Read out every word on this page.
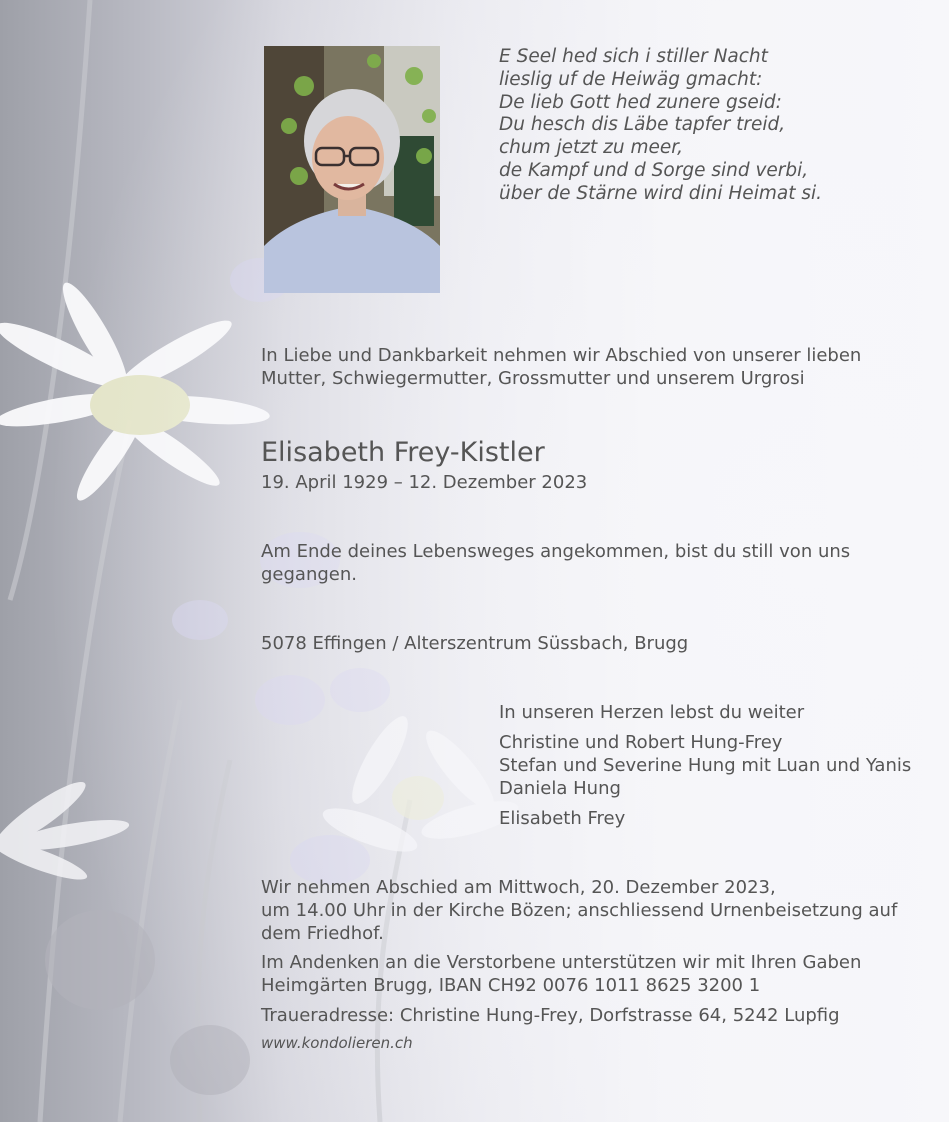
E Seel hed sich i stiller Nacht
lieslig uf de Heiwäg gmacht:
De lieb Gott hed zunere gseid:
Du hesch dis Läbe tapfer treid,
chum jetzt zu meer,
de Kampf und d Sorge sind verbi,
über de Stärne wird dini Heimat si.
In Liebe und Dankbarkeit nehmen wir Abschied von unserer lieben
Mutter, Schwiegermutter, Grossmutter und unserem Urgrosi
Elisabeth Frey-Kistler
19. April 1929 – 12. Dezember 2023
Am Ende deines Lebensweges angekommen, bist du still von uns
gegangen.
5078 Effingen / Alterszentrum Süssbach, Brugg
In unseren Herzen lebst du weiter
Christine und Robert Hung-Frey
Stefan und Severine Hung mit Luan und Yanis
Daniela Hung
Elisabeth Frey
Wir nehmen Abschied am Mittwoch, 20. Dezember 2023,
um 14.00 Uhr in der Kirche Bözen; anschliessend Urnenbeisetzung auf
dem Friedhof.
Im Andenken an die Verstorbene unterstützen wir mit Ihren Gaben
Heimgärten Brugg, IBAN CH92 0076 1011 8625 3200 1
Traueradresse: Christine Hung-Frey, Dorfstrasse 64, 5242 Lupfig
www.kondolieren.ch
